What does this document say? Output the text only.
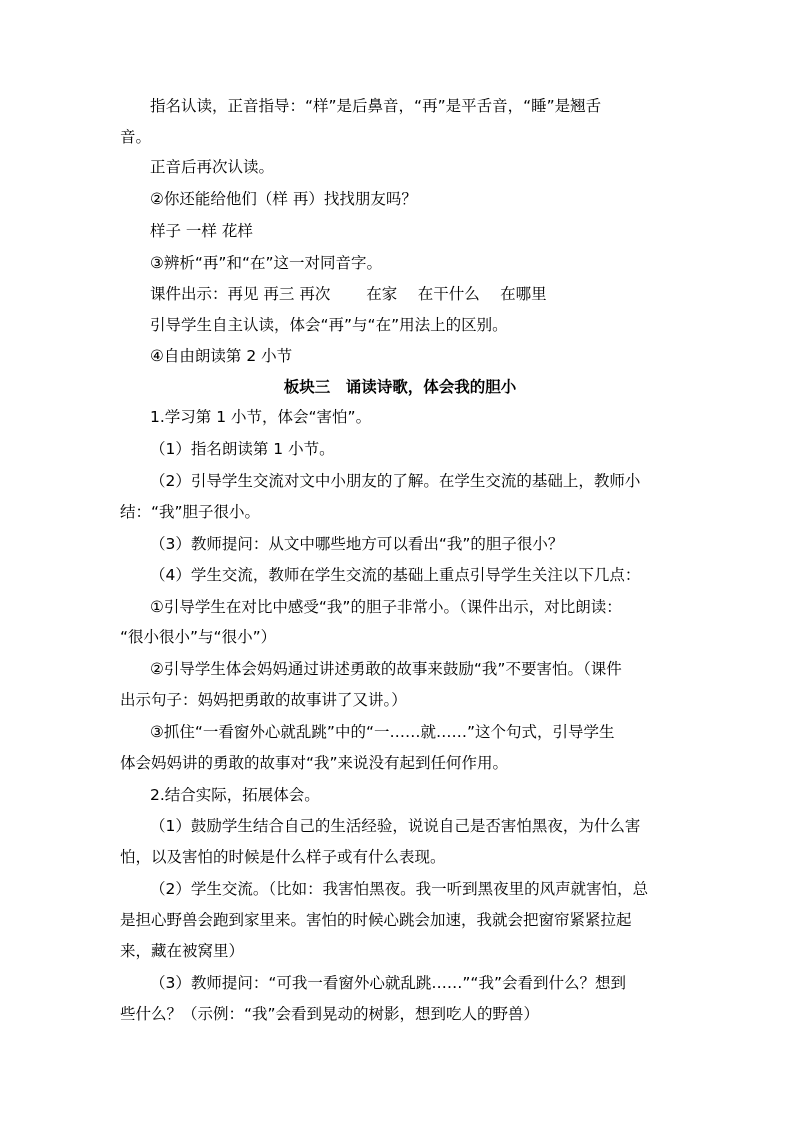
指名认读，正音指导：“样”是后鼻音，“再”是平舌音，“睡”是翘舌
音。
正音后再次认读。
②你还能给他们（样 再）找找朋友吗？
样子 一样 花样
③辨析“再”和“在”这一对同音字。
课件出示：再见 再三 再次　　 在家　 在干什么　 在哪里
引导学生自主认读，体会“再”与“在”用法上的区别。
④自由朗读第 2 小节
板块三　诵读诗歌，体会我的胆小
1.学习第 1 小节，体会“害怕”。
（1）指名朗读第 1 小节。
（2）引导学生交流对文中小朋友的了解。在学生交流的基础上，教师小
结：“我”胆子很小。
（3）教师提问：从文中哪些地方可以看出“我”的胆子很小？
（4）学生交流，教师在学生交流的基础上重点引导学生关注以下几点：
①引导学生在对比中感受“我”的胆子非常小。（课件出示，对比朗读：
“很小很小”与“很小”）
②引导学生体会妈妈通过讲述勇敢的故事来鼓励“我”不要害怕。（课件
出示句子：妈妈把勇敢的故事讲了又讲。）
③抓住“一看窗外心就乱跳”中的“一……就……”这个句式，引导学生
体会妈妈讲的勇敢的故事对“我”来说没有起到任何作用。
2.结合实际，拓展体会。
（1）鼓励学生结合自己的生活经验，说说自己是否害怕黑夜，为什么害
怕，以及害怕的时候是什么样子或有什么表现。
（2）学生交流。（比如：我害怕黑夜。我一听到黑夜里的风声就害怕，总
是担心野兽会跑到家里来。害怕的时候心跳会加速，我就会把窗帘紧紧拉起
来，藏在被窝里）
（3）教师提问：“可我一看窗外心就乱跳……”“我”会看到什么？想到
些什么？（示例：“我”会看到晃动的树影，想到吃人的野兽）
